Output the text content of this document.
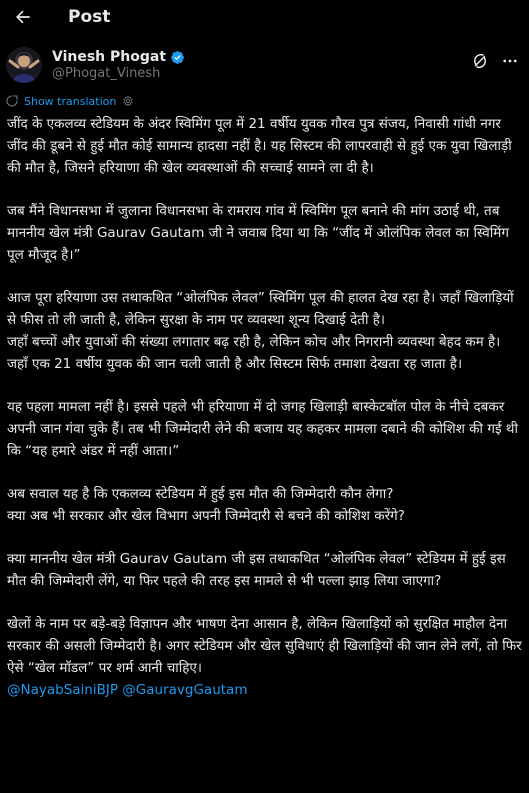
Post
Vinesh Phogat
@Phogat_Vinesh
Show translation

जींद के एकलव्य स्टेडियम के अंदर स्विमिंग पूल में 21 वर्षीय युवक गौरव पुत्र संजय, निवासी गांधी नगर जींद की डूबने से हुई मौत कोई सामान्य हादसा नहीं है। यह सिस्टम की लापरवाही से हुई एक युवा खिलाड़ी की मौत है, जिसने हरियाणा की खेल व्यवस्थाओं की सच्चाई सामने ला दी है।

जब मैंने विधानसभा में जुलाना विधानसभा के रामराय गांव में स्विमिंग पूल बनाने की मांग उठाई थी, तब माननीय खेल मंत्री Gaurav Gautam जी ने जवाब दिया था कि “जींद में ओलंपिक लेवल का स्विमिंग पूल मौजूद है।”

आज पूरा हरियाणा उस तथाकथित “ओलंपिक लेवल” स्विमिंग पूल की हालत देख रहा है। जहाँ खिलाड़ियों से फीस तो ली जाती है, लेकिन सुरक्षा के नाम पर व्यवस्था शून्य दिखाई देती है।

जहाँ बच्चों और युवाओं की संख्या लगातार बढ़ रही है, लेकिन कोच और निगरानी व्यवस्था बेहद कम है। जहाँ एक 21 वर्षीय युवक की जान चली जाती है और सिस्टम सिर्फ तमाशा देखता रह जाता है।

यह पहला मामला नहीं है। इससे पहले भी हरियाणा में दो जगह खिलाड़ी बास्केटबॉल पोल के नीचे दबकर अपनी जान गंवा चुके हैं। तब भी जिम्मेदारी लेने की बजाय यह कहकर मामला दबाने की कोशिश की गई थी कि “यह हमारे अंडर में नहीं आता।”

अब सवाल यह है कि एकलव्य स्टेडियम में हुई इस मौत की जिम्मेदारी कौन लेगा?

क्या अब भी सरकार और खेल विभाग अपनी जिम्मेदारी से बचने की कोशिश करेंगे?

क्या माननीय खेल मंत्री Gaurav Gautam जी इस तथाकथित “ओलंपिक लेवल” स्टेडियम में हुई इस मौत की जिम्मेदारी लेंगे, या फिर पहले की तरह इस मामले से भी पल्ला झाड़ लिया जाएगा?

खेलों के नाम पर बड़े-बड़े विज्ञापन और भाषण देना आसान है, लेकिन खिलाड़ियों को सुरक्षित माहौल देना सरकार की असली जिम्मेदारी है। अगर स्टेडियम और खेल सुविधाएं ही खिलाड़ियों की जान लेने लगें, तो फिर ऐसे “खेल मॉडल” पर शर्म आनी चाहिए।

@NayabSainiBJP @GauravgGautam
